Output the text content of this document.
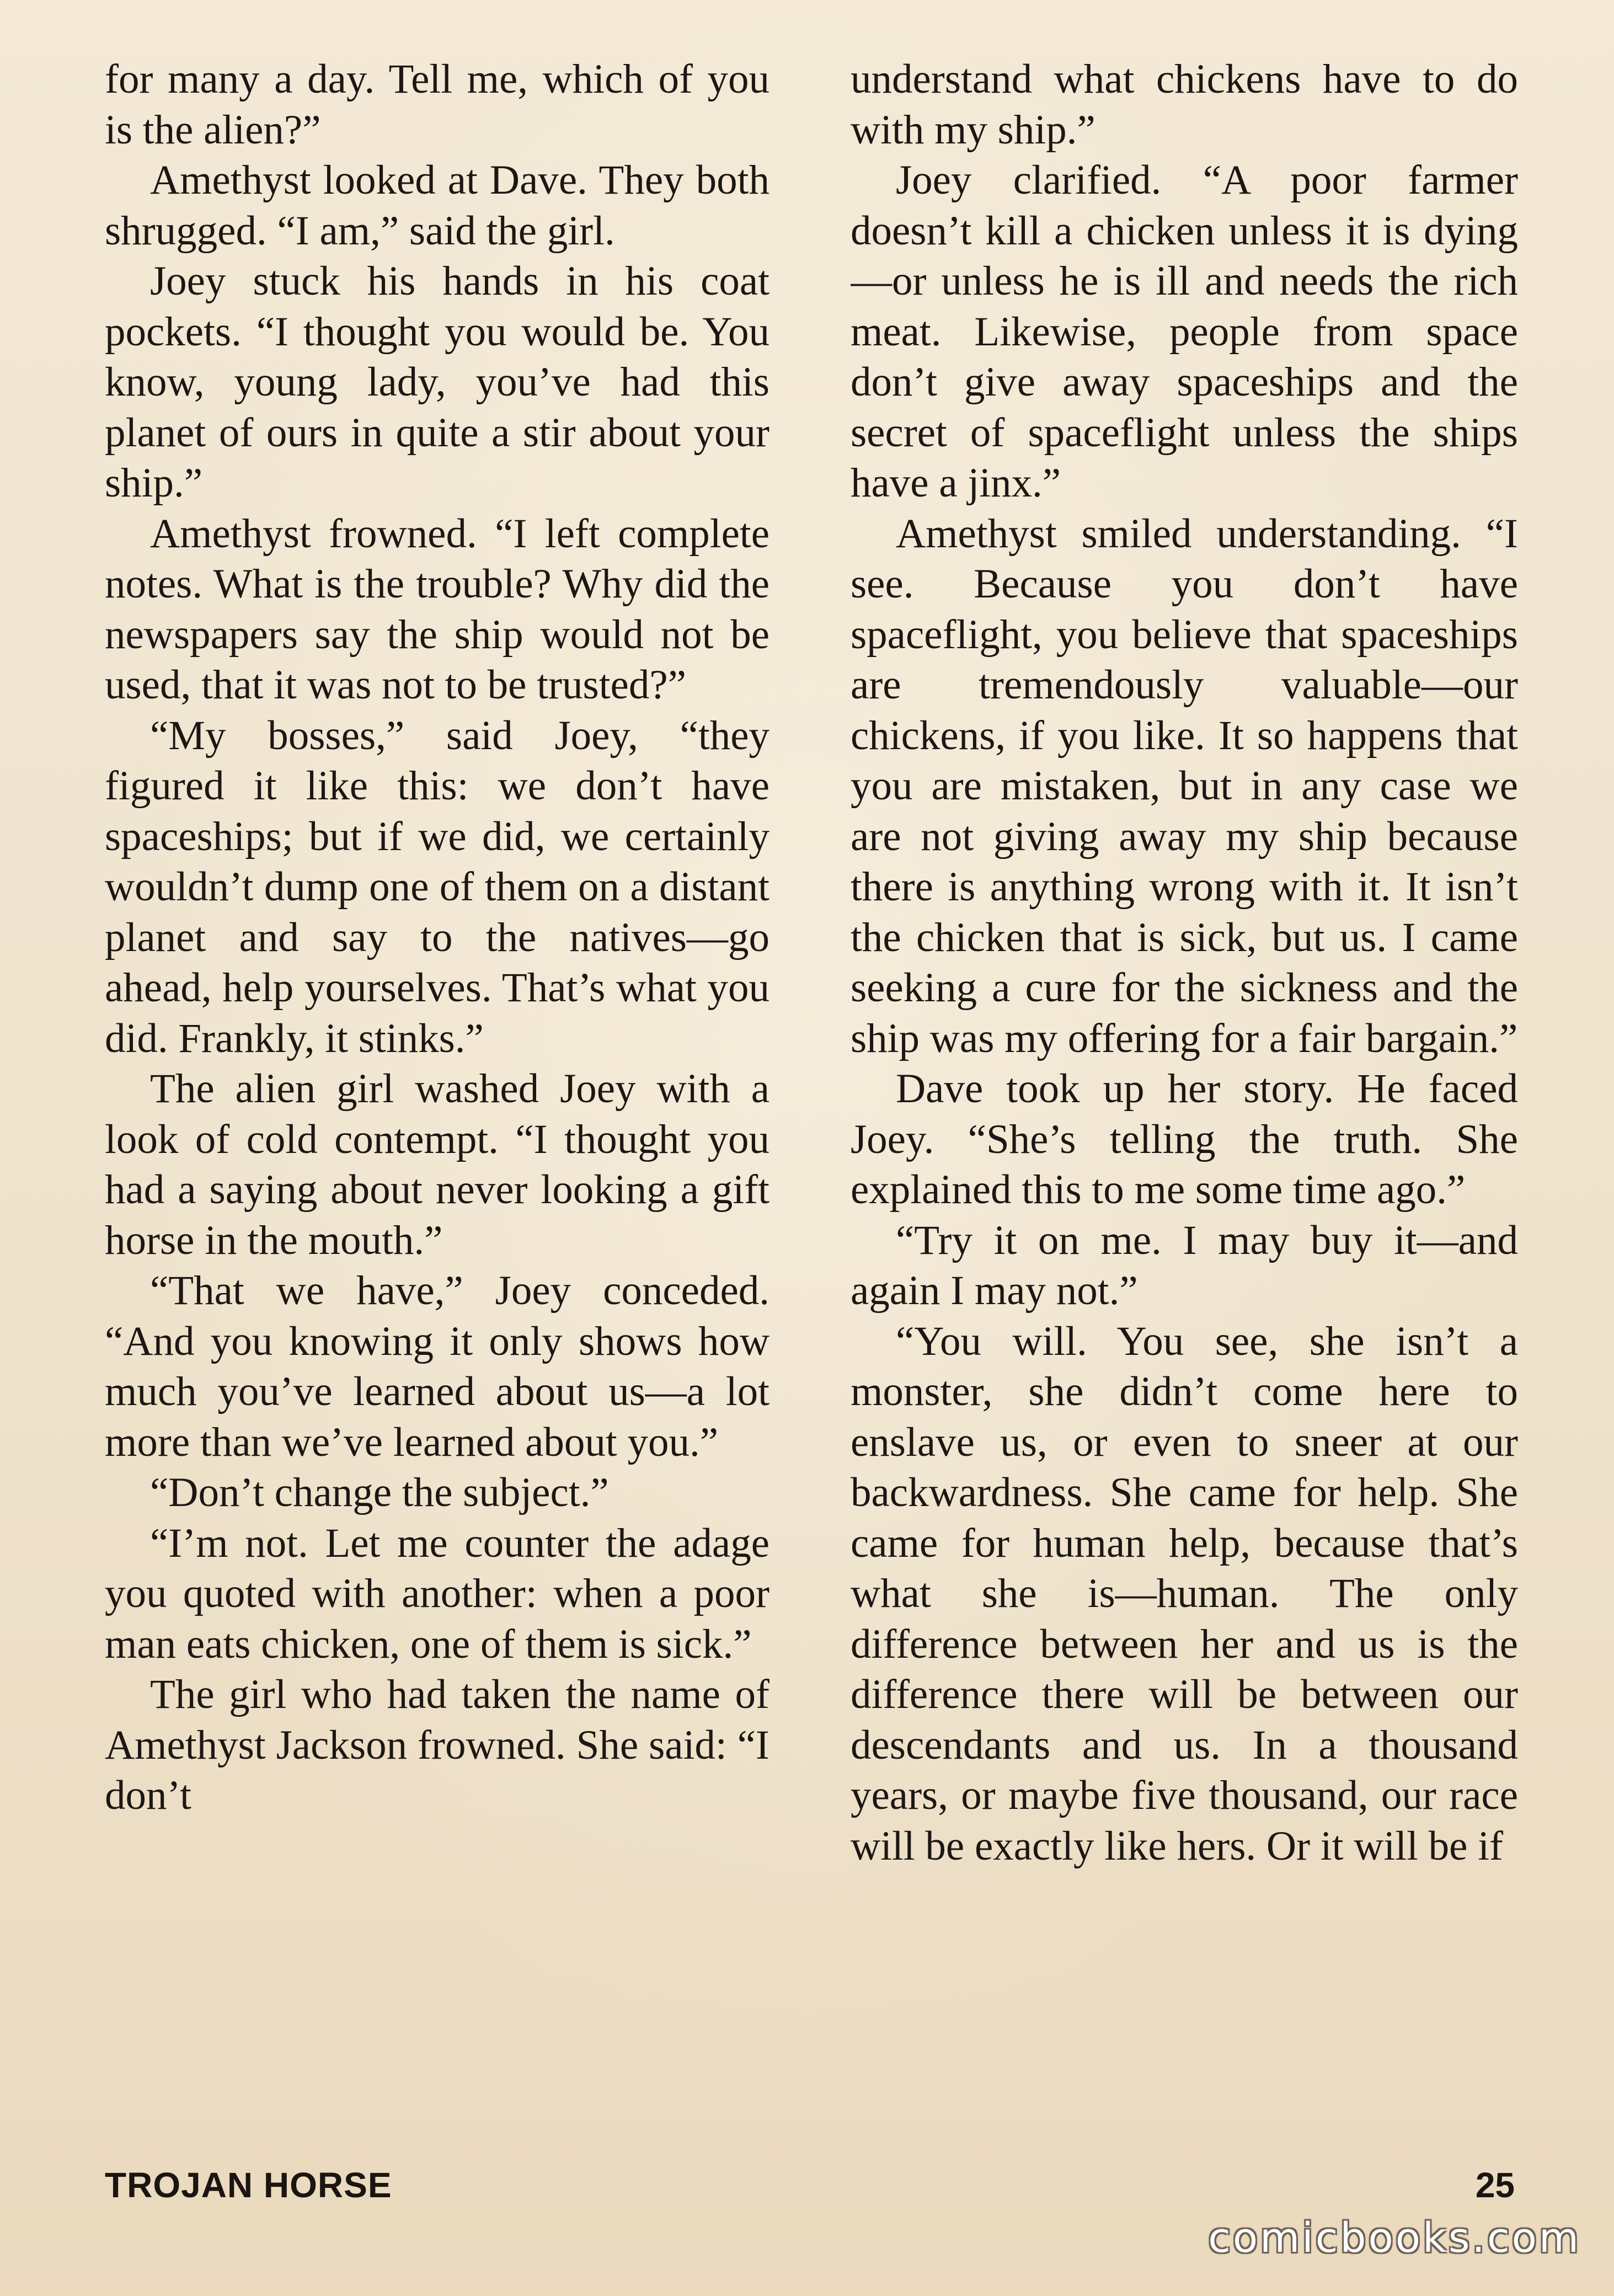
for many a day. Tell me, which of you is the alien?”

Amethyst looked at Dave. They both shrugged. “I am,” said the girl.

Joey stuck his hands in his coat pockets. “I thought you would be. You know, young lady, you’ve had this planet of ours in quite a stir about your ship.”

Amethyst frowned. “I left complete notes. What is the trouble? Why did the newspapers say the ship would not be used, that it was not to be trusted?”

“My bosses,” said Joey, “they figured it like this: we don’t have spaceships; but if we did, we certainly wouldn’t dump one of them on a distant planet and say to the natives—go ahead, help yourselves. That’s what you did. Frankly, it stinks.”

The alien girl washed Joey with a look of cold contempt. “I thought you had a saying about never looking a gift horse in the mouth.”

“That we have,” Joey conceded. “And you knowing it only shows how much you’ve learned about us—a lot more than we’ve learned about you.”

“Don’t change the subject.”

“I’m not. Let me counter the adage you quoted with another: when a poor man eats chicken, one of them is sick.”

The girl who had taken the name of Amethyst Jackson frowned. She said: “I don’t

understand what chickens have to do with my ship.”

Joey clarified. “A poor farmer doesn’t kill a chicken unless it is dying—or unless he is ill and needs the rich meat. Likewise, people from space don’t give away spaceships and the secret of spaceflight unless the ships have a jinx.”

Amethyst smiled understanding. “I see. Because you don’t have spaceflight, you believe that spaceships are tremendously valuable—our chickens, if you like. It so happens that you are mistaken, but in any case we are not giving away my ship because there is anything wrong with it. It isn’t the chicken that is sick, but us. I came seeking a cure for the sickness and the ship was my offering for a fair bargain.”

Dave took up her story. He faced Joey. “She’s telling the truth. She explained this to me some time ago.”

“Try it on me. I may buy it—and again I may not.”

“You will. You see, she isn’t a monster, she didn’t come here to enslave us, or even to sneer at our backwardness. She came for help. She came for human help, because that’s what she is—human. The only difference between her and us is the difference there will be between our descendants and us. In a thousand years, or maybe five thousand, our race will be exactly like hers. Or it will be if

TROJAN HORSE	25
comicbooks.com
